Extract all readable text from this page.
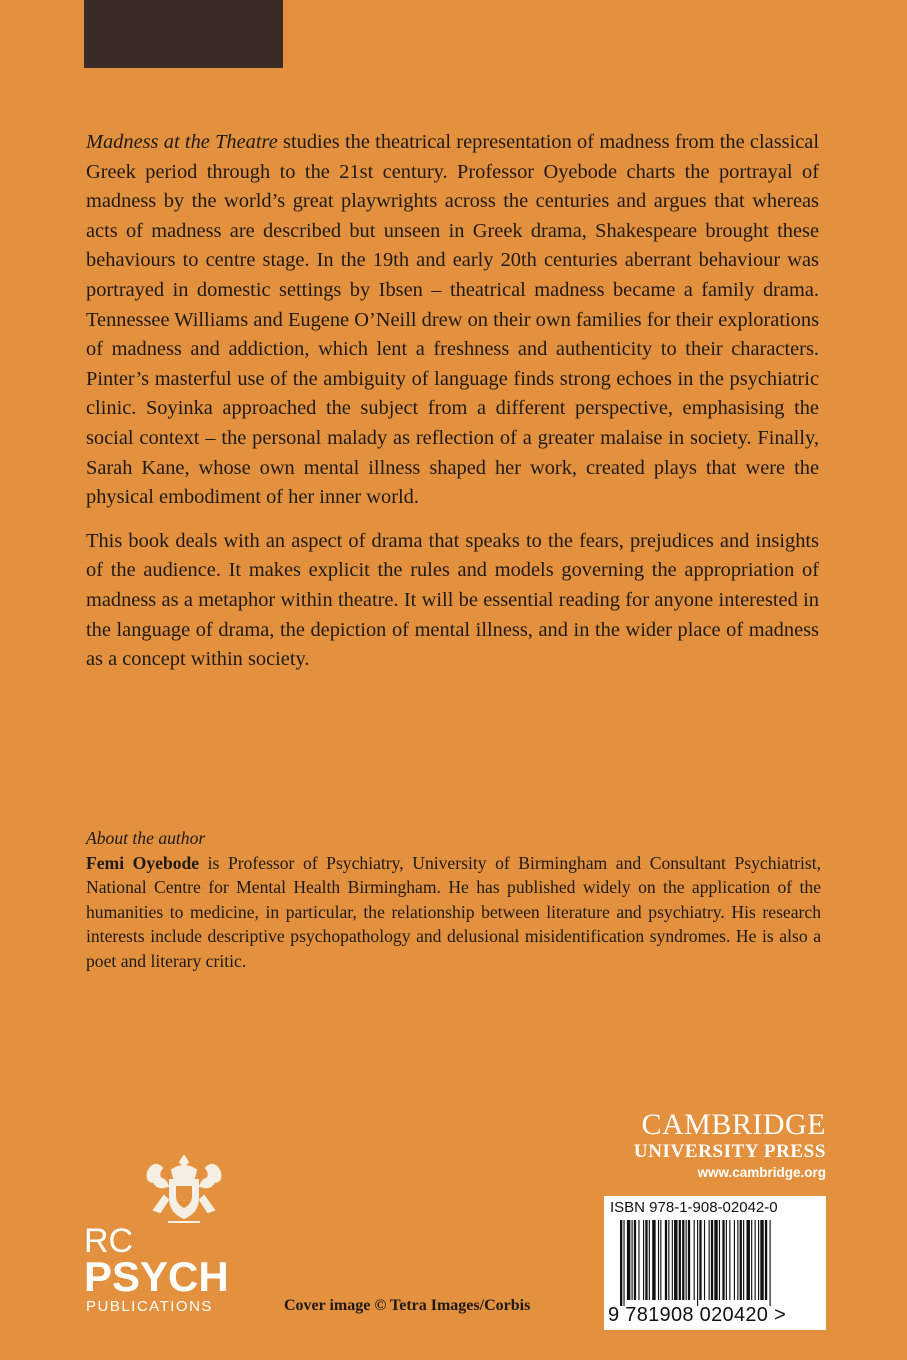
Madness at the Theatre studies the theatrical representation of madness from the classical Greek period through to the 21st century. Professor Oyebode charts the portrayal of madness by the world’s great playwrights across the centuries and argues that whereas acts of madness are described but unseen in Greek drama, Shakespeare brought these behaviours to centre stage. In the 19th and early 20th centuries aberrant behaviour was portrayed in domestic settings by Ibsen – theatrical madness became a family drama. Tennessee Williams and Eugene O’Neill drew on their own families for their explorations of madness and addiction, which lent a freshness and authenticity to their characters. Pinter’s masterful use of the ambiguity of language finds strong echoes in the psychiatric clinic. Soyinka approached the subject from a different perspective, emphasising the social context – the personal malady as reflection of a greater malaise in society. Finally, Sarah Kane, whose own mental illness shaped her work, created plays that were the physical embodiment of her inner world.

This book deals with an aspect of drama that speaks to the fears, prejudices and insights of the audience. It makes explicit the rules and models governing the appropriation of madness as a metaphor within theatre. It will be essential reading for anyone interested in the language of drama, the depiction of mental illness, and in the wider place of madness as a concept within society.

About the author
Femi Oyebode is Professor of Psychiatry, University of Birmingham and Consultant Psychiatrist, National Centre for Mental Health Birmingham. He has published widely on the application of the humanities to medicine, in particular, the relationship between literature and psychiatry. His research interests include descriptive psychopathology and delusional misidentification syndromes. He is also a poet and literary critic.
CAMBRIDGE
UNIVERSITY PRESS
www.cambridge.org
ISBN 978-1-908-02042-0
9 781908 020420 >
RC
PSYCH
PUBLICATIONS	Cover image © Tetra Images/Corbis
